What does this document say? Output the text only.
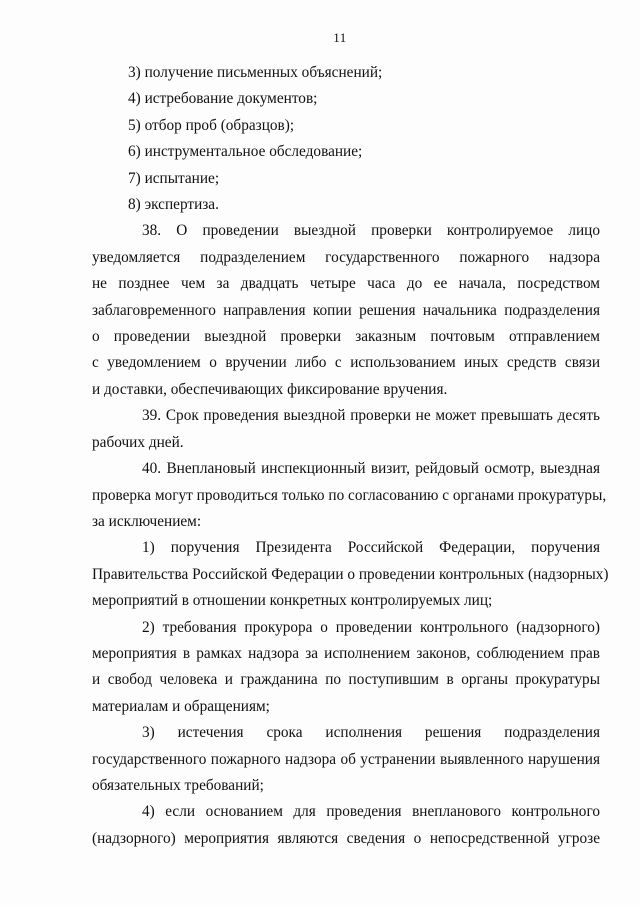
11

3) получение письменных объяснений;

4) истребование документов;

5) отбор проб (образцов);

6) инструментальное обследование;

7) испытание;

8) экспертиза.

38. О проведении выездной проверки контролируемое лицо
уведомляется подразделением государственного пожарного надзора
не позднее чем за двадцать четыре часа до ее начала, посредством
заблаговременного направления копии решения начальника подразделения
о проведении выездной проверки заказным почтовым отправлением
с уведомлением о вручении либо с использованием иных средств связи
и доставки, обеспечивающих фиксирование вручения.

39. Срок проведения выездной проверки не может превышать десять
рабочих дней.

40. Внеплановый инспекционный визит, рейдовый осмотр, выездная
проверка могут проводиться только по согласованию с органами прокуратуры,
за исключением:

1) поручения Президента Российской Федерации, поручения
Правительства Российской Федерации о проведении контрольных (надзорных)
мероприятий в отношении конкретных контролируемых лиц;

2) требования прокурора о проведении контрольного (надзорного)
мероприятия в рамках надзора за исполнением законов, соблюдением прав
и свобод человека и гражданина по поступившим в органы прокуратуры
материалам и обращениям;

3) истечения срока исполнения решения подразделения
государственного пожарного надзора об устранении выявленного нарушения
обязательных требований;

4) если основанием для проведения внепланового контрольного
(надзорного) мероприятия являются сведения о непосредственной угрозе
